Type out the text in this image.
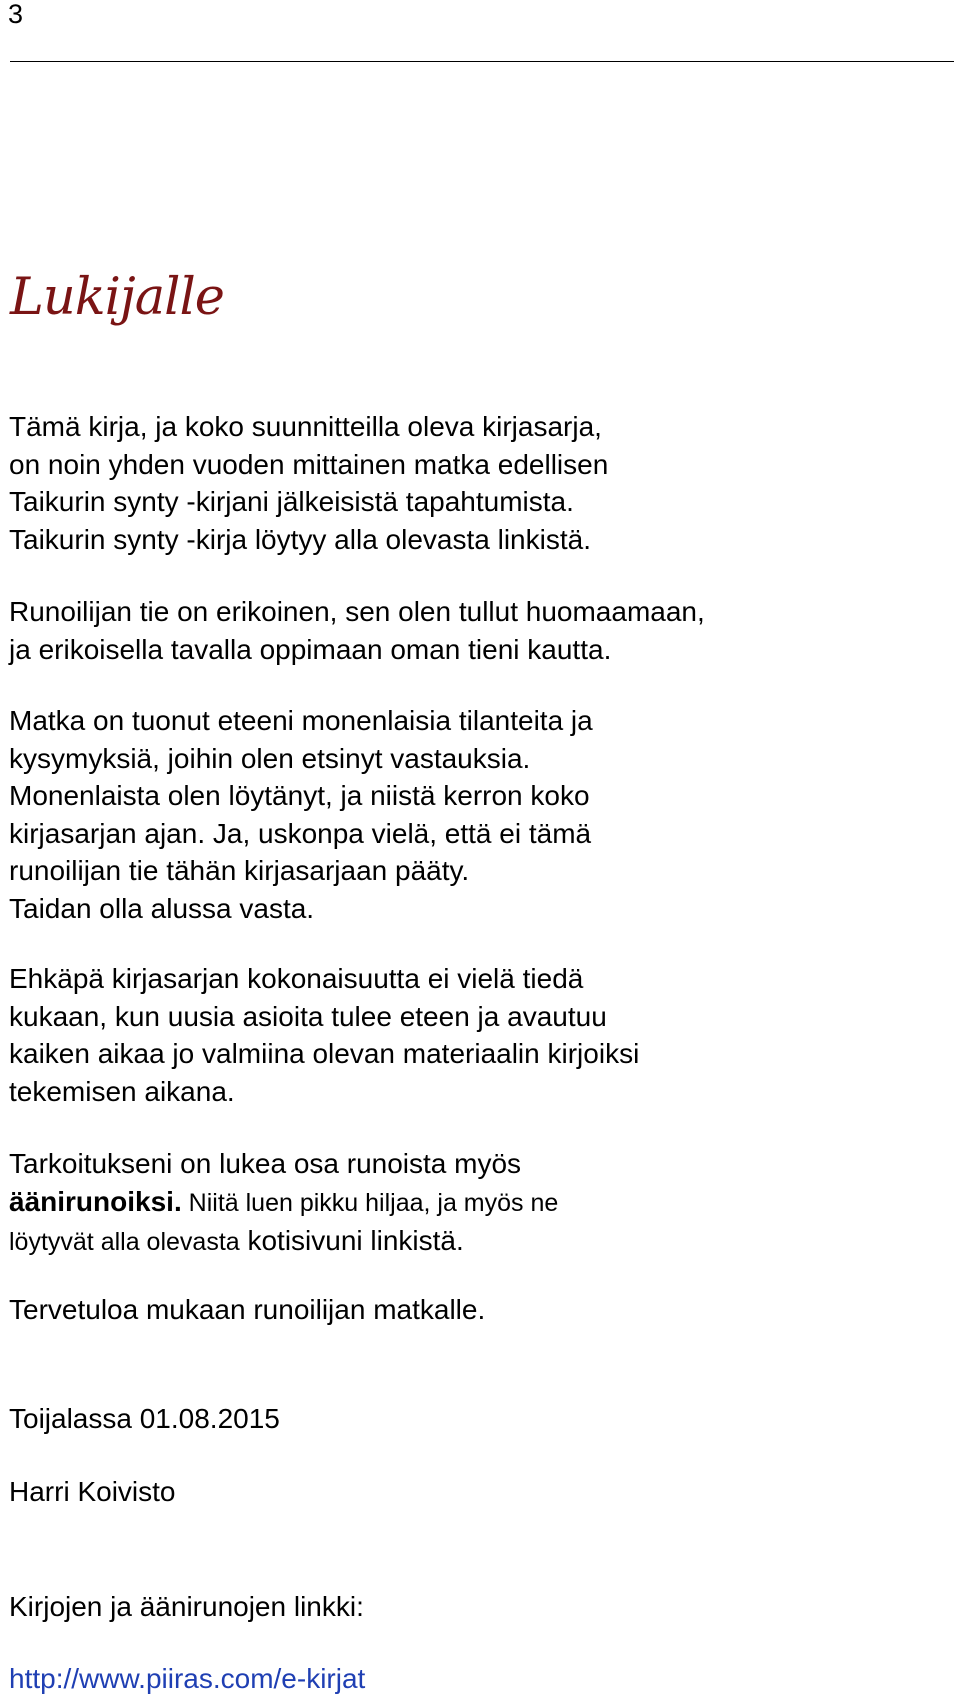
3
Lukijalle

Tämä kirja, ja koko suunnitteilla oleva kirjasarja,
on noin yhden vuoden mittainen matka edellisen
Taikurin synty -kirjani jälkeisistä tapahtumista.
Taikurin synty -kirja löytyy alla olevasta linkistä.

Runoilijan tie on erikoinen, sen olen tullut huomaamaan,
ja erikoisella tavalla oppimaan oman tieni kautta.

Matka on tuonut eteeni monenlaisia tilanteita ja
kysymyksiä, joihin olen etsinyt vastauksia.
Monenlaista olen löytänyt, ja niistä kerron koko
kirjasarjan ajan. Ja, uskonpa vielä, että ei tämä
runoilijan tie tähän kirjasarjaan pääty.
Taidan olla alussa vasta.

Ehkäpä kirjasarjan kokonaisuutta ei vielä tiedä
kukaan, kun uusia asioita tulee eteen ja avautuu
kaiken aikaa jo valmiina olevan materiaalin kirjoiksi
tekemisen aikana.

Tarkoitukseni on lukea osa runoista myös
äänirunoiksi. Niitä luen pikku hiljaa, ja myös ne
löytyvät alla olevasta kotisivuni linkistä.

Tervetuloa mukaan runoilijan matkalle.

Toijalassa 01.08.2015

Harri Koivisto

Kirjojen ja äänirunojen linkki:

http://www.piiras.com/e-kirjat
